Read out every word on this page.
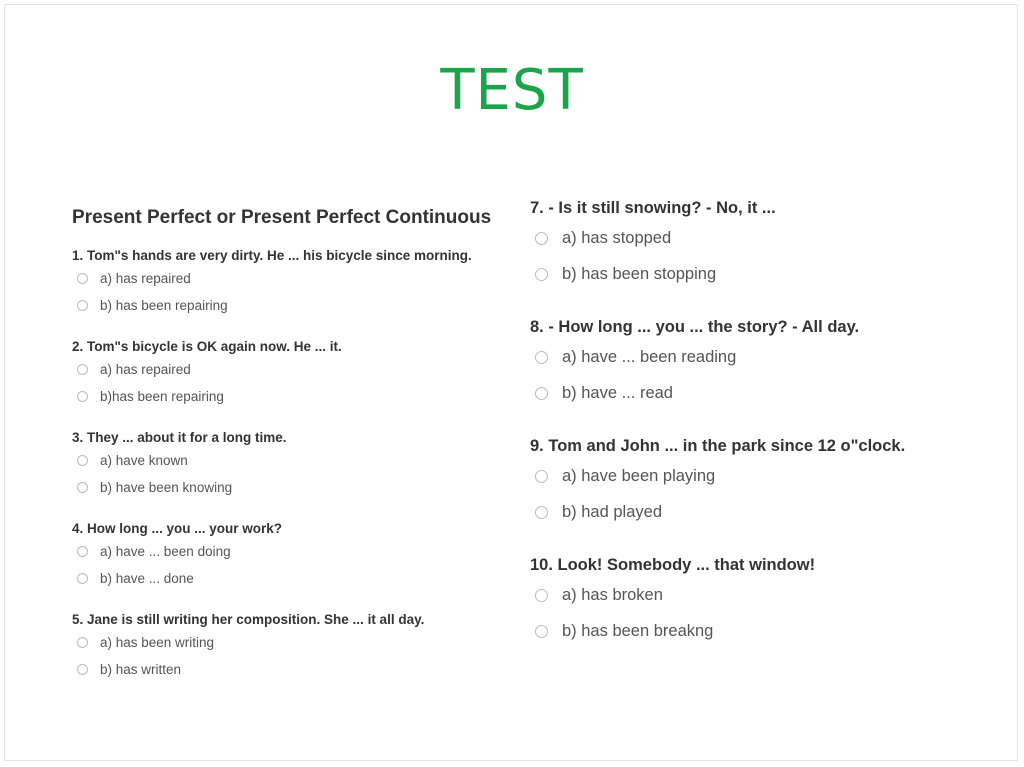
TEST
Present Perfect or Present Perfect Continuous
1. Tom"s hands are very dirty. He ... his bicycle since morning.
a) has repaired
b) has been repairing
2. Tom"s bicycle is OK again now. He ... it.
a) has repaired
b)has been repairing
3. They ... about it for a long time.
a) have known
b) have been knowing
4. How long ... you ... your work?
a) have ... been doing
b) have ... done
5. Jane is still writing her composition. She ... it all day.
a) has been writing
b) has written
7. - Is it still snowing? - No, it ...
a) has stopped
b) has been stopping
8. - How long ... you ... the story? - All day.
a) have ... been reading
b) have ... read
9. Tom and John ... in the park since 12 o"clock.
a) have been playing
b) had played
10. Look! Somebody ... that window!
a) has broken
b) has been breakng
